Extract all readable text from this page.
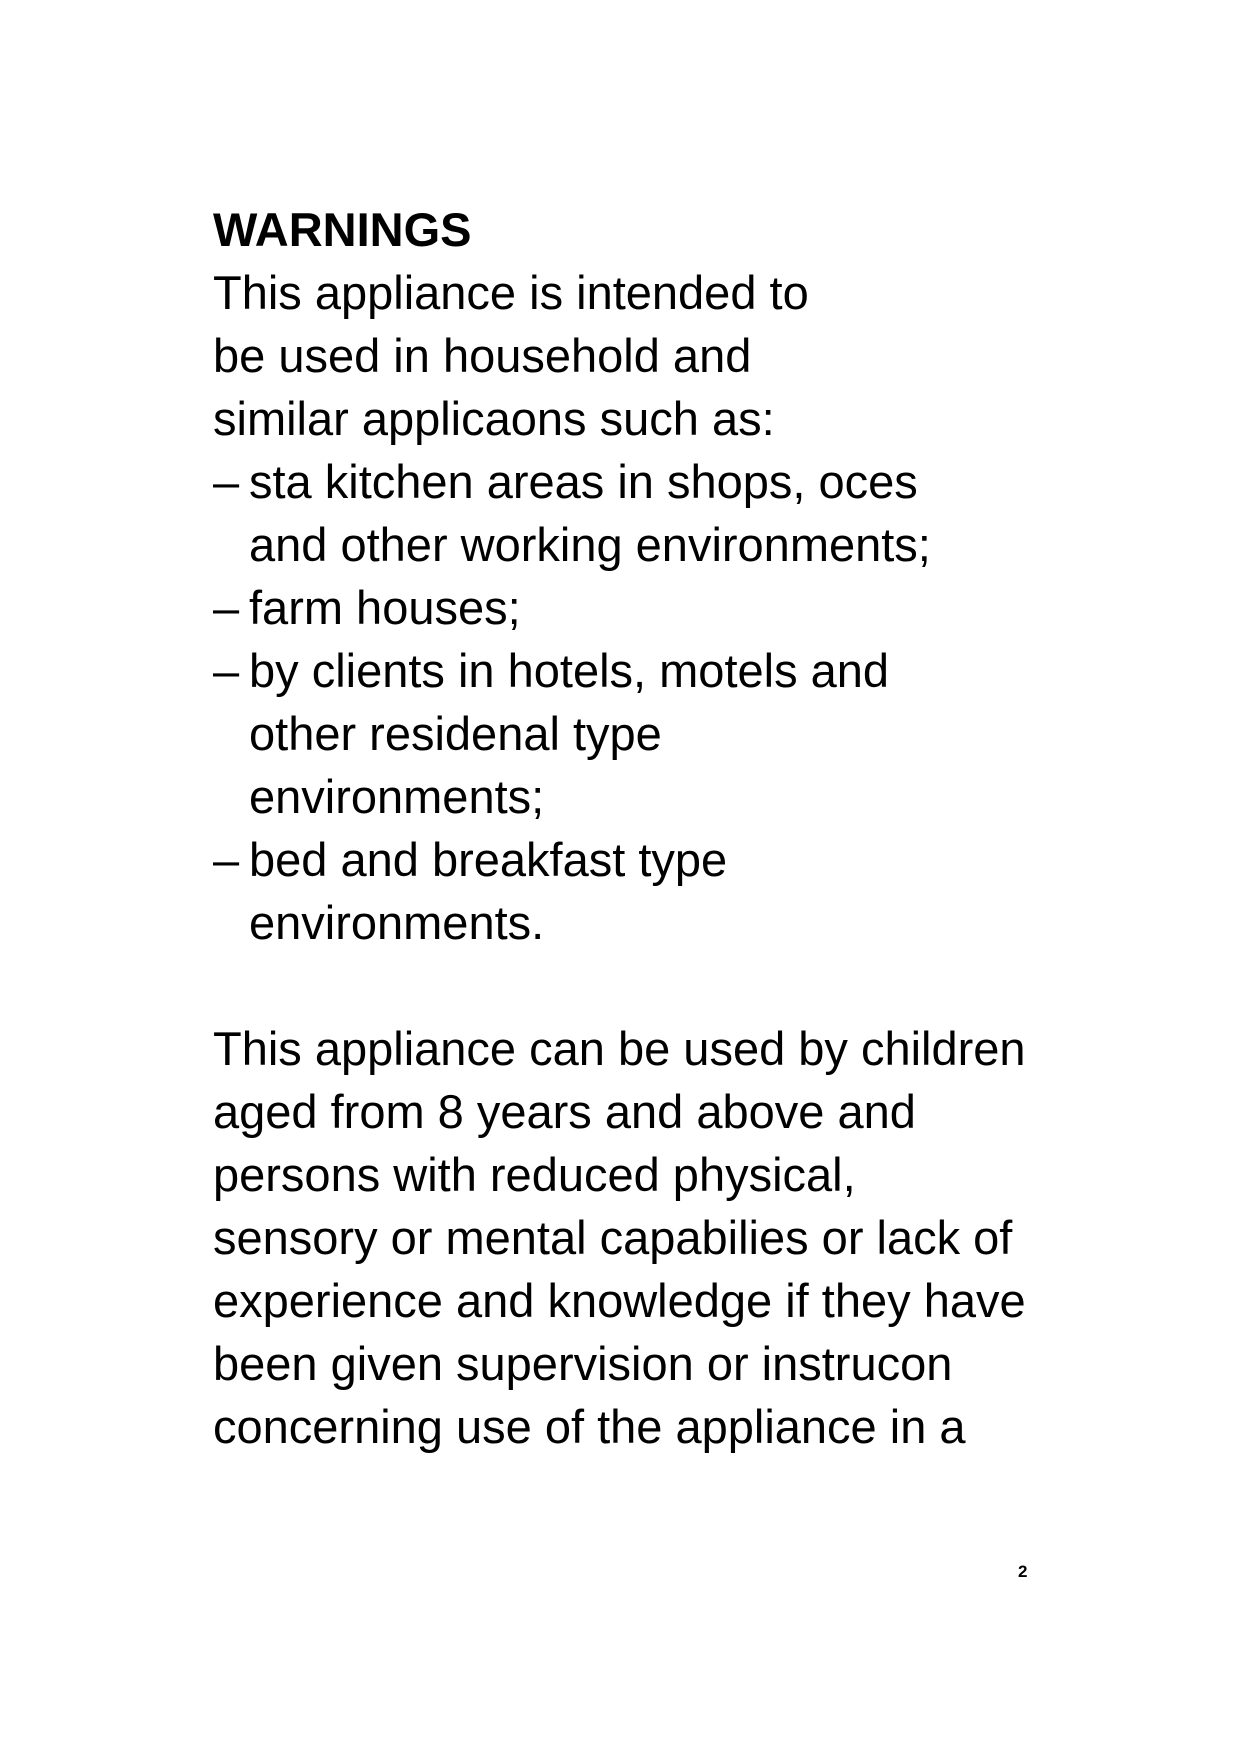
WARNINGS

This appliance is intended to be used in household and similar applicaons such as:

– sta kitchen areas in shops, oces and other working environments;
– farm houses;
– by clients in hotels, motels and other residenal type environments;
– bed and breakfast type environments.

This appliance can be used by children aged from 8 years and above and persons with reduced physical, sensory or mental capabilies or lack of experience and knowledge if they have been given supervision or instrucon concerning use of the appliance in a

2
